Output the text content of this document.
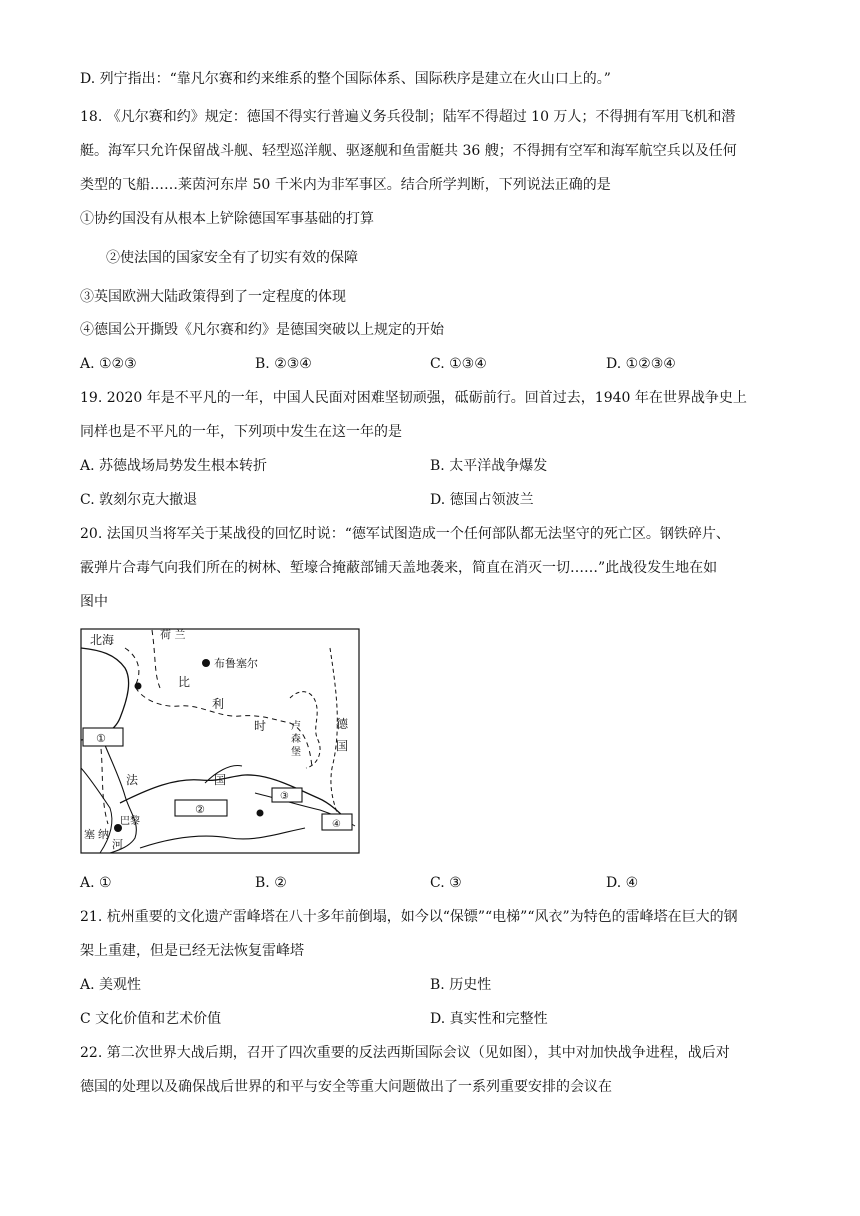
D. 列宁指出：“靠凡尔赛和约来维系的整个国际体系、国际秩序是建立在火山口上的。”
18. 《凡尔赛和约》规定：德国不得实行普遍义务兵役制；陆军不得超过 10 万人；不得拥有军用飞机和潜
艇。海军只允许保留战斗舰、轻型巡洋舰、驱逐舰和鱼雷艇共 36 艘；不得拥有空军和海军航空兵以及任何
类型的飞船……莱茵河东岸 50 千米内为非军事区。结合所学判断，下列说法正确的是
①协约国没有从根本上铲除德国军事基础的打算
②使法国的国家安全有了切实有效的保障
③英国欧洲大陆政策得到了一定程度的体现
④德国公开撕毁《凡尔赛和约》是德国突破以上规定的开始
A. ①②③	B. ②③④	C. ①③④	D. ①②③④
19. 2020 年是不平凡的一年，中国人民面对困难坚韧顽强，砥砺前行。回首过去，1940 年在世界战争史上
同样也是不平凡的一年，下列项中发生在这一年的是
A. 苏德战场局势发生根本转折	B. 太平洋战争爆发
C. 敦刻尔克大撤退	D. 德国占领波兰
20. 法国贝当将军关于某战役的回忆时说：“德军试图造成一个任何部队都无法坚守的死亡区。钢铁碎片、
霰弹片合毒气向我们所在的树林、堑壕合掩蔽部铺天盖地袭来，简直在消灭一切……”此战役发生地在如
图中
北海	荷 兰
布鲁塞尔
比
利
时 卢
森
堡
德
国
法	国
巴黎
塞 纳
河
①
②
③
④
A. ①	B. ②	C. ③	D. ④
21. 杭州重要的文化遗产雷峰塔在八十多年前倒塌，如今以“保镖”“电梯”“风衣”为特色的雷峰塔在巨大的钢
架上重建，但是已经无法恢复雷峰塔
A. 美观性	B. 历史性
C 文化价值和艺术价值	D. 真实性和完整性
22. 第二次世界大战后期，召开了四次重要的反法西斯国际会议（见如图），其中对加快战争进程，战后对
德国的处理以及确保战后世界的和平与安全等重大问题做出了一系列重要安排的会议在
